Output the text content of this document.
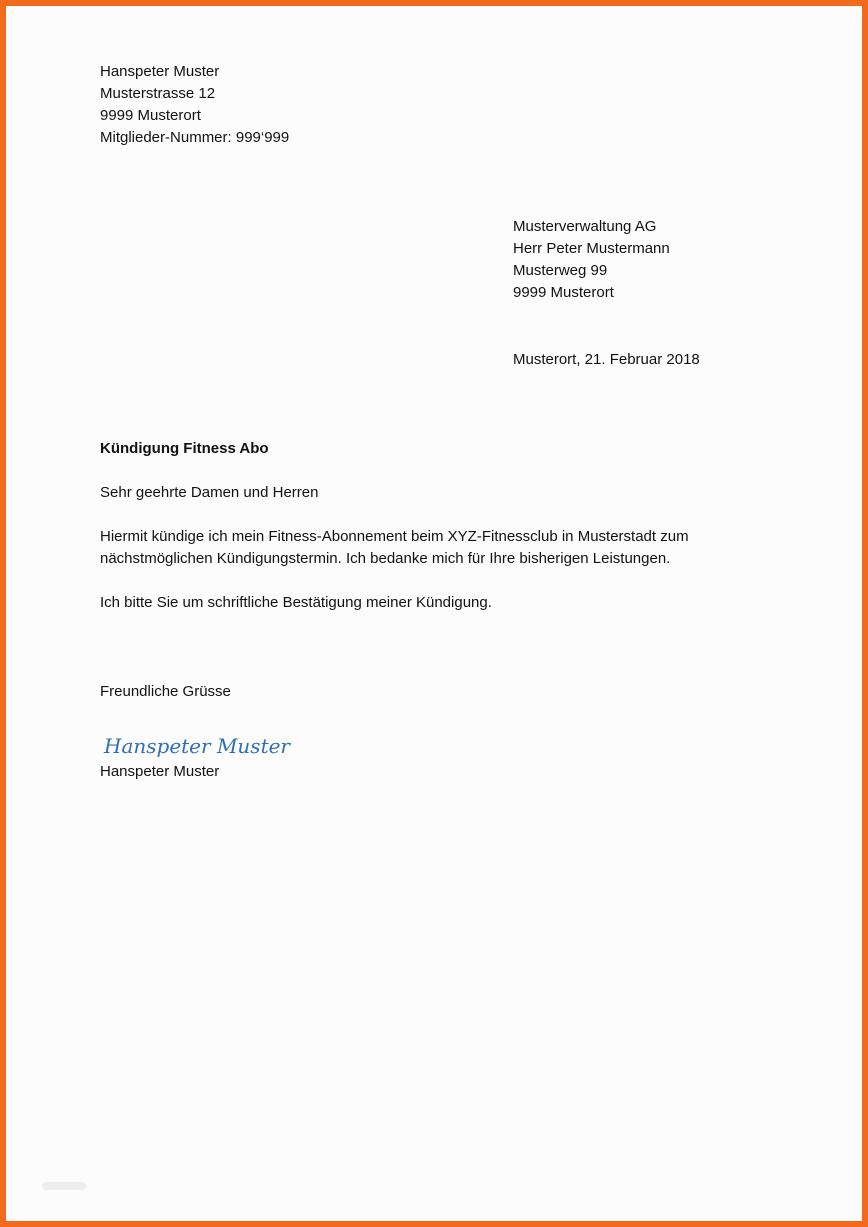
Hanspeter Muster
Musterstrasse 12
9999 Musterort
Mitglieder-Nummer: 999‘999
Musterverwaltung AG
Herr Peter Mustermann
Musterweg 99
9999 Musterort
Musterort, 21. Februar 2018
Kündigung Fitness Abo
Sehr geehrte Damen und Herren
Hiermit kündige ich mein Fitness-Abonnement beim XYZ-Fitnessclub in Musterstadt zum
nächstmöglichen Kündigungstermin. Ich bedanke mich für Ihre bisherigen Leistungen.
Ich bitte Sie um schriftliche Bestätigung meiner Kündigung.
Freundliche Grüsse
Hanspeter Muster
Hanspeter Muster
